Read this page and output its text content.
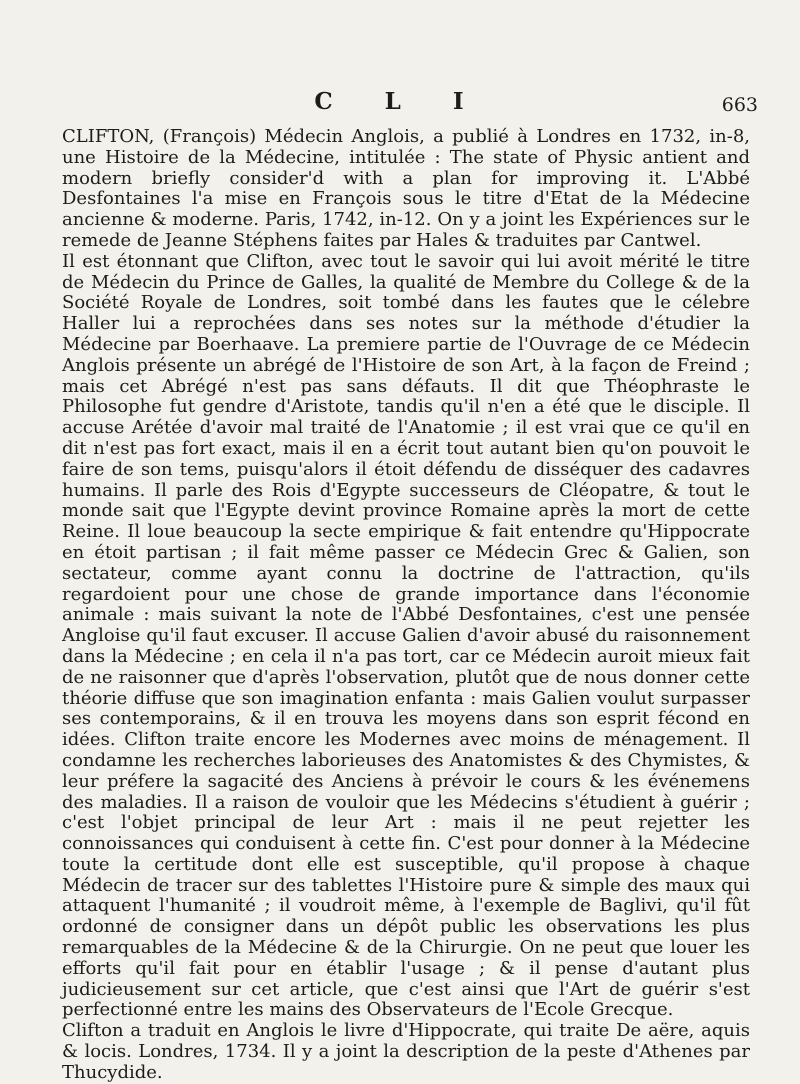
C L I	663

CLIFTON, (François) Médecin Anglois, a publié à Londres en 1732, in-8, une Histoire de la Médecine, intitulée : The state of Physic antient and modern briefly consider'd with a plan for improving it. L'Abbé Desfontaines l'a mise en François sous le titre d'Etat de la Médecine ancienne & moderne. Paris, 1742, in-12. On y a joint les Expériences sur le remede de Jeanne Stéphens faites par Hales & traduites par Cantwel.

Il est étonnant que Clifton, avec tout le savoir qui lui avoit mérité le titre de Médecin du Prince de Galles, la qualité de Membre du College & de la Société Royale de Londres, soit tombé dans les fautes que le célebre Haller lui a reprochées dans ses notes sur la méthode d'étudier la Médecine par Boerhaave. La premiere partie de l'Ouvrage de ce Médecin Anglois présente un abrégé de l'Histoire de son Art, à la façon de Freind ; mais cet Abrégé n'est pas sans défauts. Il dit que Théophraste le Philosophe fut gendre d'Aristote, tandis qu'il n'en a été que le disciple. Il accuse Arétée d'avoir mal traité de l'Anatomie ; il est vrai que ce qu'il en dit n'est pas fort exact, mais il en a écrit tout autant bien qu'on pouvoit le faire de son tems, puisqu'alors il étoit défendu de disséquer des cadavres humains. Il parle des Rois d'Egypte successeurs de Cléopatre, & tout le monde sait que l'Egypte devint province Romaine après la mort de cette Reine. Il loue beaucoup la secte empirique & fait entendre qu'Hippocrate en étoit partisan ; il fait même passer ce Médecin Grec & Galien, son sectateur, comme ayant connu la doctrine de l'attraction, qu'ils regardoient pour une chose de grande importance dans l'économie animale : mais suivant la note de l'Abbé Desfontaines, c'est une pensée Angloise qu'il faut excuser. Il accuse Galien d'avoir abusé du raisonnement dans la Médecine ; en cela il n'a pas tort, car ce Médecin auroit mieux fait de ne raisonner que d'après l'observation, plutôt que de nous donner cette théorie diffuse que son imagination enfanta : mais Galien voulut surpasser ses contemporains, & il en trouva les moyens dans son esprit fécond en idées. Clifton traite encore les Modernes avec moins de ménagement. Il condamne les recherches laborieuses des Anatomistes & des Chymistes, & leur préfere la sagacité des Anciens à prévoir le cours & les événemens des maladies. Il a raison de vouloir que les Médecins s'étudient à guérir ; c'est l'objet principal de leur Art : mais il ne peut rejetter les connoissances qui conduisent à cette fin. C'est pour donner à la Médecine toute la certitude dont elle est susceptible, qu'il propose à chaque Médecin de tracer sur des tablettes l'Histoire pure & simple des maux qui attaquent l'humanité ; il voudroit même, à l'exemple de Baglivi, qu'il fût ordonné de consigner dans un dépôt public les observations les plus remarquables de la Médecine & de la Chirurgie. On ne peut que louer les efforts qu'il fait pour en établir l'usage ; & il pense d'autant plus judicieusement sur cet article, que c'est ainsi que l'Art de guérir s'est perfectionné entre les mains des Observateurs de l'Ecole Grecque.

Clifton a traduit en Anglois le livre d'Hippocrate, qui traite De aëre, aquis & locis. Londres, 1734. Il y a joint la description de la peste d'Athenes par Thucydide.
